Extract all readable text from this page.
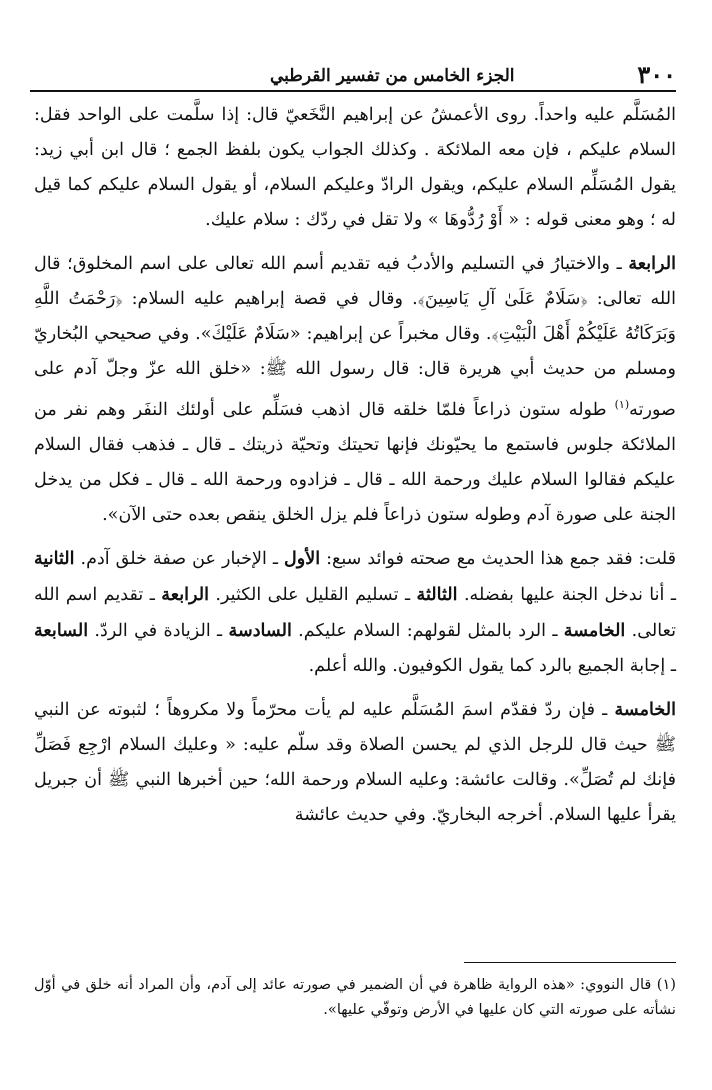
٣٠٠
الجزء الخامس من تفسير القرطبي

المُسَلَّم عليه واحداً. روى الأعمشُ عن إبراهيم النَّخَعيّ قال: إذا سلَّمت على الواحد فقل: السلام عليكم ، فإن معه الملائكة . وكذلك الجواب يكون بلفظ الجمع ؛ قال ابن أبي زيد: يقول المُسَلِّم السلام عليكم، ويقول الرادّ وعليكم السلام، أو يقول السلام عليكم كما قيل له ؛ وهو معنى قوله : « أَوْ رُدُّوهَا » ولا تقل في ردّك : سلام عليك.

الرابعة ـ والاختيارُ في التسليم والأدبُ فيه تقديم أسم الله تعالى على اسم المخلوق؛ قال الله تعالى: ﴿سَلَامٌ عَلَىٰ آلِ يَاسِينَ﴾. وقال في قصة إبراهيم عليه السلام: ﴿رَحْمَتُ اللَّهِ وَبَرَكَاتُهُ عَلَيْكُمْ أَهْلَ الْبَيْتِ﴾. وقال مخبراً عن إبراهيم: «سَلَامٌ عَلَيْكَ». وفي صحيحي البُخاريّ ومسلم من حديث أبي هريرة قال: قال رسول الله ﷺ: «خلق الله عزّ وجلّ آدم على صورته$^{(١)}$ طوله ستون ذراعاً فلمّا خلقه قال اذهب فسَلِّم على أولئك النفَر وهم نفر من الملائكة جلوس فاستمع ما يحيّونك فإنها تحيتك وتحيّة ذريتك ـ قال ـ فذهب فقال السلام عليكم فقالوا السلام عليك ورحمة الله ـ قال ـ فزادوه ورحمة الله ـ قال ـ فكل من يدخل الجنة على صورة آدم وطوله ستون ذراعاً فلم يزل الخلق ينقص بعده حتى الآن».

قلت: فقد جمع هذا الحديث مع صحته فوائد سبع: الأول ـ الإخبار عن صفة خلق آدم. الثانية ـ أنا ندخل الجنة عليها بفضله. الثالثة ـ تسليم القليل على الكثير. الرابعة ـ تقديم اسم الله تعالى. الخامسة ـ الرد بالمثل لقولهم: السلام عليكم. السادسة ـ الزيادة في الردّ. السابعة ـ إجابة الجميع بالرد كما يقول الكوفيون. والله أعلم.

الخامسة ـ فإن ردّ فقدّم اسمَ المُسَلَّم عليه لم يأت محرّماً ولا مكروهاً ؛ لثبوته عن النبي ﷺ حيث قال للرجل الذي لم يحسن الصلاة وقد سلّم عليه: « وعليك السلام ارْجِع فَصَلِّ فإنك لم تُصَلِّ». وقالت عائشة: وعليه السلام ورحمة الله؛ حين أخبرها النبي ﷺ أن جبريل يقرأ عليها السلام. أخرجه البخاريّ. وفي حديث عائشة

(١) قال النووي: «هذه الرواية ظاهرة في أن الضمير في صورته عائد إلى آدم، وأن المراد أنه خلق في أوّل نشأته على صورته التي كان عليها في الأرض وتوفّي عليها».
